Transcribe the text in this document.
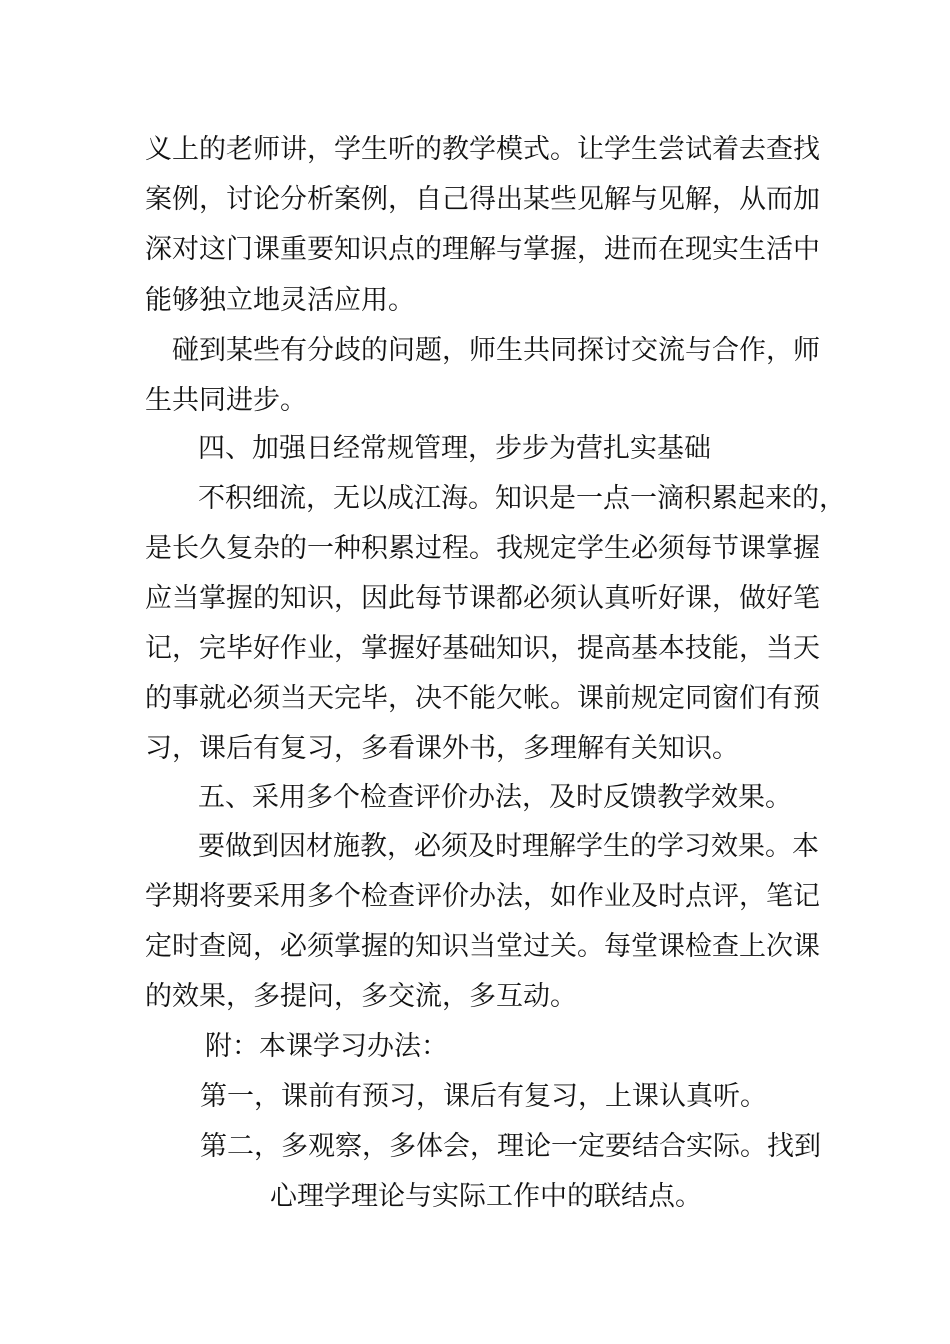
义上的老师讲，学生听的教学模式。让学生尝试着去查找
案例，讨论分析案例，自己得出某些见解与见解，从而加
深对这门课重要知识点的理解与掌握，进而在现实生活中
能够独立地灵活应用。
碰到某些有分歧的问题，师生共同探讨交流与合作，师
生共同进步。
四、加强日经常规管理，步步为营扎实基础
不积细流，无以成江海。知识是一点一滴积累起来的，
是长久复杂的一种积累过程。我规定学生必须每节课掌握
应当掌握的知识，因此每节课都必须认真听好课，做好笔
记，完毕好作业，掌握好基础知识，提高基本技能，当天
的事就必须当天完毕，决不能欠帐。课前规定同窗们有预
习，课后有复习，多看课外书，多理解有关知识。
五、采用多个检查评价办法，及时反馈教学效果。
要做到因材施教，必须及时理解学生的学习效果。本
学期将要采用多个检查评价办法，如作业及时点评，笔记
定时查阅，必须掌握的知识当堂过关。每堂课检查上次课
的效果，多提问，多交流，多互动。
附：本课学习办法：
第一，课前有预习，课后有复习，上课认真听。
第二，多观察，多体会，理论一定要结合实际。找到
心理学理论与实际工作中的联结点。
